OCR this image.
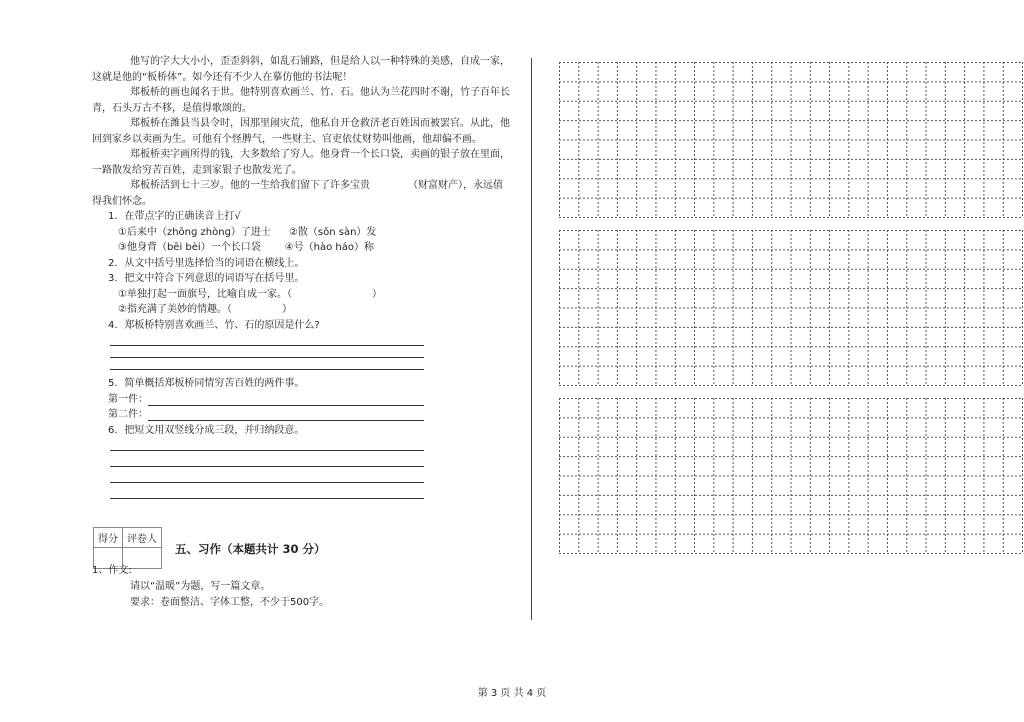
他写的字大大小小，歪歪斜斜，如乱石铺路，但是给人以一种特殊的美感，自成一家，

这就是他的“板桥体”。如今还有不少人在摹仿他的书法呢！

郑板桥的画也闻名于世。他特别喜欢画兰、竹、石。他认为兰花四时不谢，竹子百年长

青，石头万古不移，是值得歌颂的。

郑板桥在潍县当县令时，因那里闹灾荒，他私自开仓救济老百姓因而被罢官。从此，他

回到家乡以卖画为生。可他有个怪脾气，一些财主、官吏依仗财势叫他画，他却偏不画。

郑板桥卖字画所得的钱，大多数给了穷人。他身背一个长口袋，卖画的银子放在里面，

一路散发给穷苦百姓，走到家银子也散发光了。

郑板桥活到七十三岁。他的一生给我们留下了许多宝贵	（财富财产），永远值

得我们怀念。

1．在带点字的正确读音上打√

①后来中（zhōnɡ zhònɡ）了进士 ②散（sǒn sàn）发

③他身背（bēi bèi）一个长口袋 ④号（hào háo）称

2．从文中括号里选择恰当的词语在横线上。

3．把文中符合下列意思的词语写在括号里。

①单独打起一面旗号，比喻自成一家。（	）

②指充满了美妙的情趣。（	）

4．郑板桥特别喜欢画兰、竹、石的原因是什么?

5．简单概括郑板桥同情穷苦百姓的两件事。

第一件：

第二件：

6．把短文用双竖线分成三段，并归纳段意。

得分	评卷人

五、习作（本题共计 30 分）
1、作文:
请以“温暖”为题，写一篇文章。
要求：卷面整洁、字体工整，不少于500字。
第 3 页 共 4 页
